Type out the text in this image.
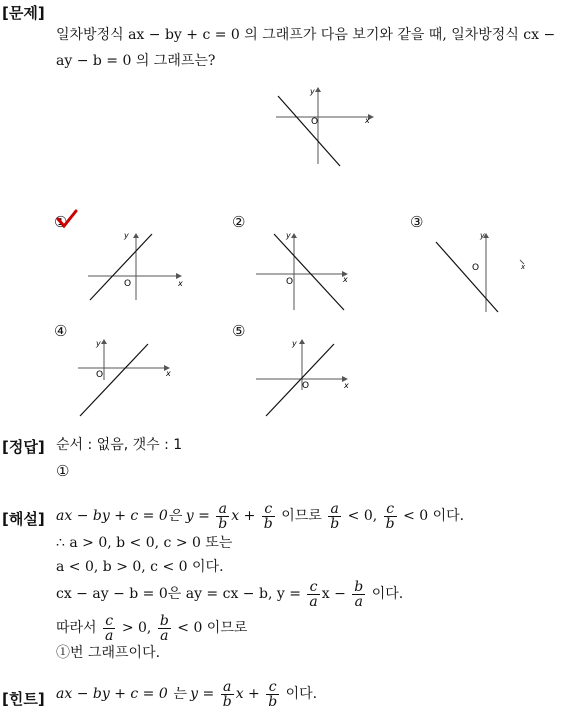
[문제]
일차방정식 ax − by + c = 0 의 그래프가 다음 보기와 같을 때, 일차방정식 cx −
ay − b = 0 의 그래프는?
x
y
O
①
x
y
O
②
x
y
O
③
y
O	x
④
x
y
O
⑤
x
y
O
[정답] 순서 : 없음, 갯수 : 1
①
[해설] ax − by + c = 0은 $y = \frac{a}{b}$ $x + \frac{c}{b}$ 이므로 $\frac{a}{b} < 0$, $\frac{c}{b} < 0$ 이다.
∴ a > 0, b < 0, c > 0 또는
a < 0, b > 0, c < 0 이다.
cx − ay − b = 0은 ay = cx − b, $y = \frac{c}{a}$ $x - \frac{b}{a}$ 이다.
따라서 $\frac{c}{a} > 0$, $\frac{b}{a} < 0$ 이므로
①번 그래프이다.
[힌트] ax − by + c = 0 는 $y = \frac{a}{b}$ $x + \frac{c}{b}$ 이다.
